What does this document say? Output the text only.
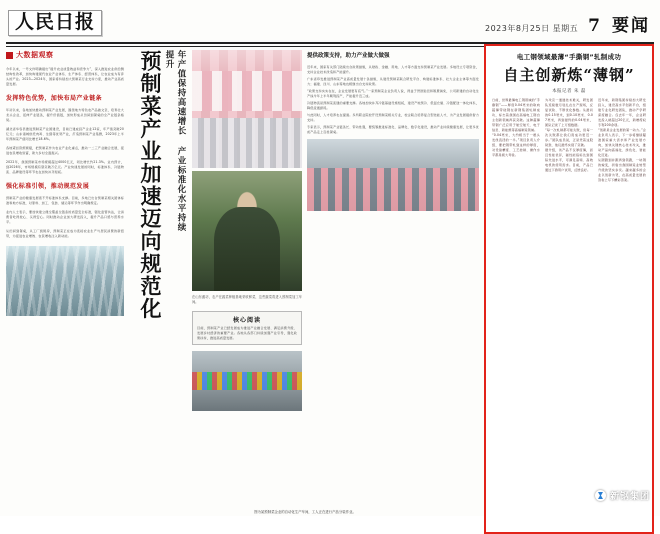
人民日报	2023年8月25日 星期五 7 要闻
大数据观察
今年以来，一号文件明确提出“提升农业质量效益和竞争力”，深入推进农业供给侧结构性改革，加快构建现代农业产业体系、生产体系、经营体系，让农业成为有奔头的产业。2023—2024年，国家将持续加大预制菜行业支持力度，推动产业高质量发展。
发挥特色优势，加快布局产业链条
年初以来，各地加快推动预制菜产业发展，围绕地方特色农产品做文章，培育壮大龙头企业，延伸产业链条，提升价值链，加快形成从田间到餐桌的全产业链条格局。
湖北省华容县推进预制菜产业园建设，目前已建成投产企业12家，年产值突破20亿元；山东诸城依托肉鸡、生猪等优势产业，打造预制菜产业集群，2023年上半年预制菜产值同比增长18.6%。
各地紧扣资源禀赋，把预制菜作为农业产业化重点，推动一二三产业融合发展，促进农民增收致富，助力乡村全面振兴。
2022年，我国预制菜市场规模超过4000亿元，同比增长约21.3%。业内预计，到2026年，市场规模有望突破万亿元。产业快速发展的同时，标准体系、冷链物流、品牌建设等环节也在加快补齐短板。
强化标准引领，推动规范发展
预制菜产业的健康发展离不开标准体系支撑。目前，多地已出台预制菜相关团体标准和地方标准，对原料、加工、包装、储运等环节作出明确规定。
业内人士表示，要加快建立健全覆盖全链条的质量安全标准，强化监管执法，让消费者吃得放心、买得安心。同时推动企业加大研发投入，提升产品口感与营养水平。
从田间到餐桌，从工厂到厨房，预制菜正在成为连接农业生产与居民消费的新纽带，为促进农业增效、农民增收注入新动能。
年产值保持高速增长 产业标准化水平持续提升
预制菜产业加速迈向规范化	在山东潍坊，农户在蔬菜种植基地采收鲜菜，这些蔬菜将进入预制菜加工车间。
核心阅读
目前，预制菜产业已经发展成为推进产业融合发展、满足消费升级、发展乡村经济的重要产业。各地从各部门持续加强产业引导，强化政策扶持，推进高质量发展。
提供政策支持，助力产业做大做强
近年来，国家有关部门陆续出台政策措施，从财政、金融、用地、人才等方面支持预制菜产业发展。多地设立专项资金，支持企业技术改造和产能提升。
广东省印发推进预制菜产业高质量发展十条措施，从建设预制菜联合研发平台、构建标准体系、壮大企业主体等方面发力；福建、四川、山东等地也相继出台支持政策。
“政策支持实实在在，企业发展更有底气。”一家预制菜企业负责人说，得益于贷款贴息和税费减免，公司新建的自动化生产线今年上半年顺利投产，产能提升近三成。
冷链物流是预制菜流通的重要支撑。各地加快补齐冷链基础设施短板，建设产地预冷、低温仓储、冷链配送一体化体系，降低流通损耗。
与此同时，人才培养也在提速。多所职业院校开设预制菜相关专业，校企联合培养复合型技能人才，为产业发展提供智力支持。
专家表示，预制菜产业链条长、带动性强，要统筹推进标准化、品牌化、数字化建设，推动产业持续健康发展，让更多优质产品走上百姓餐桌。
电工钢领域最薄“手撕钢”轧制成功
自主创新炼“薄钢”
本报记者 朱 磊
日前，世界最薄电工钢领域的“手撕钢”——厚度0.04毫米的取向超薄带硅钢在新钢集团轧制成功，标志着我国在高端电工钢自主创新领域再获突破。这种超薄带钢广泛应用于航空航天、电子信息、新能源等高端制造领域。
“0.04毫米，大约相当于一根头发丝直径的一半。”项目负责人介绍，要把钢带轧到这样的厚度，对设备精度、工艺控制、操作水平都是极大考验。
为攻克一道道技术难关，研发团队连续数月驻扎在生产现场，反复试验、不断优化参数。从最初的0.15毫米，到0.10毫米、0.07毫米，再到最终的0.04毫米，团队记录了上万组数据。
“每一次轧制都可能失败，但每一次失败都让我们离成功更近一步。”团队成员说，正是凭着这股韧劲，他们最终实现了突破。
据介绍，该产品不仅厚度薄，而且性能优异，磁性能指标达到国际先进水平，可满足高频、高效电机的使用需求。目前，产品已通过下游用户试用，反馈良好。
近年来，新钢集团持续加大研发投入，建设高水平创新平台，组建专业化研发团队，推动产学研深度融合。仅去年一年，企业研发投入就超过20亿元，新增授权专利200余项。
“创新是企业发展的第一动力。”企业负责人表示，下一步将继续瞄准国家重大需求和产业发展方向，加快关键核心技术攻关，推动产品向高端化、绿色化、智能化迈进。
从跟跑到并跑再到领跑，一块钢的蜕变，折射出我国制造业转型升级的坚实步伐。越来越多的企业以创新为笔，在高质量发展的答卷上写下精彩答案。
图为某预制菜企业的自动化生产车间，工人正在进行产品分装作业。
新钢集团
